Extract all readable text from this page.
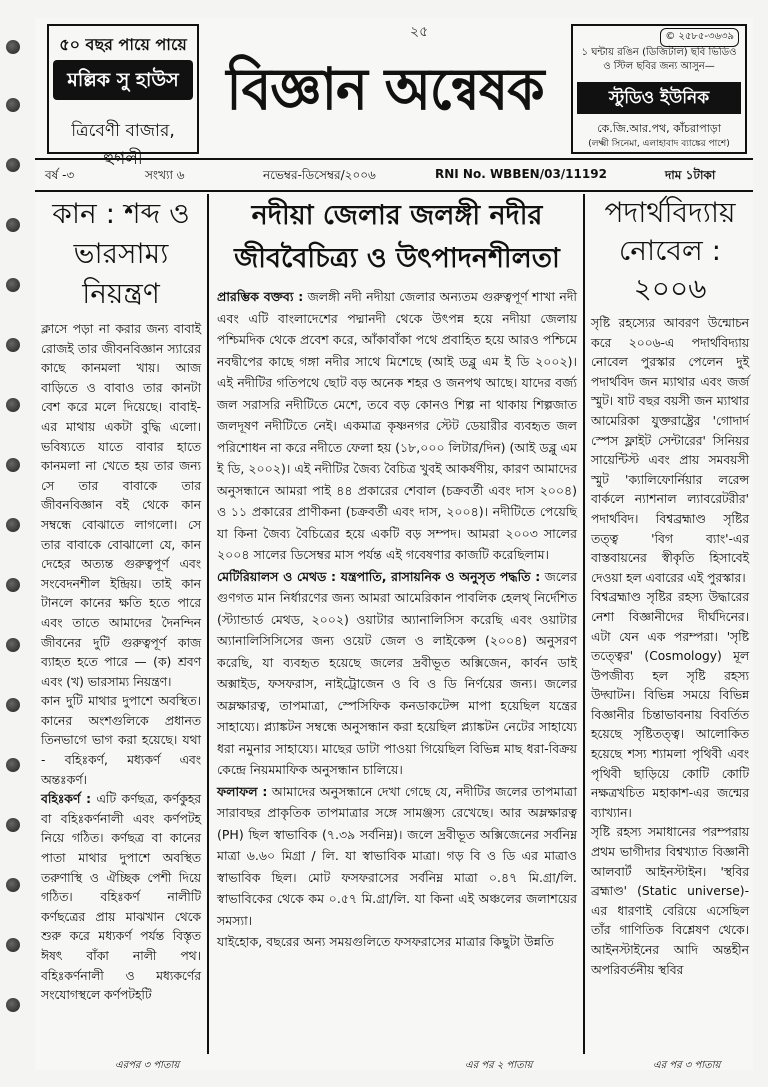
২৫
৫০ বছর পায়ে পায়ে
মল্লিক সু হাউস
ত্রিবেণী বাজার, হুগলী
বিজ্ঞান অন্বেষক
© ২৫৮৫-৩৬৩৯
১ ঘন্টায় রঙিন (ডিজিটাল) ছবি ভিডিও ও স্টিল ছবির জন্য আসুন—
স্টুডিও ইউনিক
কে.জি.আর.পথ, কাঁচরাপাড়া
(লক্ষ্মী সিনেমা, এলাহাবাদ ব্যাঙ্কের পাশে)
বর্ষ -৩	সংখ্যা ৬	নভেম্বর-ডিসেম্বর/২০০৬	RNI No. WBBEN/03/11192	দাম ১টাকা
কান : শব্দ ও ভারসাম্য নিয়ন্ত্রণ

ক্লাসে পড়া না করার জন্য বাবাই রোজই তার জীবনবিজ্ঞান স্যারের কাছে কানমলা খায়। আজ বাড়িতে ও বাবাও তার কানটা বেশ করে মলে দিয়েছে। বাবাই-এর মাথায় একটা বুদ্ধি এলো। ভবিষ্যতে যাতে বাবার হাতে কানমলা না খেতে হয় তার জন্য সে তার বাবাকে তার জীবনবিজ্ঞান বই থেকে কান সম্বন্ধে বোঝাতে লাগলো। সে তার বাবাকে বোঝালো যে, কান দেহের অত্যন্ত গুরুত্বপূর্ণ এবং সংবেদনশীল ইন্দ্রিয়। তাই কান টানলে কানের ক্ষতি হতে পারে এবং তাতে আমাদের দৈনন্দিন জীবনের দুটি গুরুত্বপূর্ণ কাজ ব্যাহত হতে পারে — (ক) শ্রবণ এবং (খ) ভারসাম্য নিয়ন্ত্রণ।

কান দুটি মাথার দুপাশে অবস্থিত। কানের অংশগুলিকে প্রধানত তিনভাগে ভাগ করা হয়েছে। যথা - বহিঃকর্ণ, মধ্যকর্ণ এবং অন্তঃকর্ণ।

বহিঃকর্ণ : এটি কর্ণছত্র, কর্ণকুহর বা বহিঃকর্ণনালী এবং কর্ণপটহ নিয়ে গঠিত। কর্ণছত্র বা কানের পাতা মাথার দুপাশে অবস্থিত তরুণাস্থি ও ঐচ্ছিক পেশী দিয়ে গঠিত। বহিঃকর্ণ নালীটি কর্ণছত্রের প্রায় মাঝখান থেকে শুরু করে মধ্যকর্ণ পর্যন্ত বিস্তৃত ঈষৎ বাঁকা নালী পথ। বহিঃকর্ণনালী ও মধ্যকর্ণের সংযোগস্থলে কর্ণপটহটি

এরপর ৩ পাতায়
নদীয়া জেলার জলঙ্গী নদীর জীববৈচিত্র্য ও উৎপাদনশীলতা

প্রারম্ভিক বক্তব্য : জলঙ্গী নদী নদীয়া জেলার অন্যতম গুরুত্বপূর্ণ শাখা নদী এবং এটি বাংলাদেশের পদ্মানদী থেকে উৎপন্ন হয়ে নদীয়া জেলায় পশ্চিমদিক থেকে প্রবেশ করে, আঁকাবাঁকা পথে প্রবাহিত হয়ে আরও পশ্চিমে নবদ্বীপের কাছে গঙ্গা নদীর সাথে মিশেছে (আই ডব্লু এম ই ডি ২০০২)। এই নদীটির গতিপথে ছোট বড় অনেক শহর ও জনপথ আছে। যাদের বর্জ্য জল সরাসরি নদীটিতে মেশে, তবে বড় কোনও শিল্প না থাকায় শিল্পজাত জলদূষণ নদীটিতে নেই। একমাত্র কৃষ্ণনগর স্টেট ডেয়ারীর ব্যবহৃত জল পরিশোধন না করে নদীতে ফেলা হয় (১৮,০০০ লিটার/দিন) (আই ডব্লু এম ই ডি, ২০০২)। এই নদীটির জৈব্য বৈচিত্র খুবই আকর্ষণীয়, কারণ আমাদের অনুসন্ধানে আমরা পাই ৪৪ প্রকারের শেবাল (চক্রবর্তী এবং দাস ২০০৪) ও ১১ প্রকারের প্রাণীকনা (চক্রবর্তী এবং দাস, ২০০৪)। নদীটিতে পেয়েছি যা কিনা জৈব্য বৈচিত্রের হয়ে একটি বড় সম্পদ। আমরা ২০০৩ সালের ২০০৪ সালের ডিসেম্বর মাস পর্যন্ত এই গবেষণার কাজটি করেছিলাম।

মেটিরিয়ালস ও মেথড : যন্ত্রপাতি, রাসায়নিক ও অনুসৃত পদ্ধতি : জলের গুণগত মান নির্ধারণের জন্য আমরা আমেরিকান পাবলিক হেলথ্ নির্দেশিত (স্ট্যান্ডার্ড মেথড, ২০০২) ওয়াটার অ্যানালিসিস করেছি এবং ওয়াটার অ্যানালিসিসিসের জন্য ওয়েট জেল ও লাইকেন্স (২০০৪) অনুসরণ করেছি, যা ব্যবহৃত হয়েছে জলের দ্রবীভূত অক্সিজেন, কার্বন ডাই অক্সাইড, ফসফরাস, নাইট্রোজেন ও বি ও ডি নির্ণয়ের জন্য। জলের অম্লক্ষারত্ব, তাপমাত্রা, স্পেসিফিক কনডাকটেন্স মাপা হয়েছিল যন্ত্রের সাহায্যে। প্ল্যাঙ্কটন সম্বন্ধে অনুসন্ধান করা হয়েছিল প্ল্যাঙ্কটন নেটের সাহায্যে ধরা নমুনার সাহায্যে। মাছের ডাটা পাওয়া গিয়েছিল বিভিন্ন মাছ ধরা-বিক্রয় কেন্দ্রে নিয়মমাফিক অনুসন্ধান চালিয়ে।

ফলাফল : আমাদের অনুসন্ধানে দেখা গেছে যে, নদীটির জলের তাপমাত্রা সারাবছর প্রাকৃতিক তাপমাত্রার সঙ্গে সামঞ্জস্য রেখেছে। আর অম্লক্ষারত্ব (PH) ছিল স্বাভাবিক (৭.৩৯ সর্বনিম্ন)। জলে দ্রবীভূত অক্সিজেনের সর্বনিম্ন মাত্রা ৬.৬০ মিগ্রা / লি. যা স্বাভাবিক মাত্রা। গড় বি ও ডি এর মাত্রাও স্বাভাবিক ছিল। মোট ফসফরাসের সর্বনিম্ন মাত্রা ০.৪৭ মি.গ্রা/লি. স্বাভাবিকের থেকে কম ০.৫৭ মি.গ্রা/লি. যা কিনা এই অঞ্চলের জলাশয়ের সমস্যা।

যাইহোক, বছরের অন্য সময়গুলিতে ফসফরাসের মাত্রার কিছুটা উন্নতি

এর পর ২ পাতায়
পদার্থবিদ্যায় নোবেল : ২০০৬

সৃষ্টি রহস্যের আবরণ উন্মোচন করে ২০০৬-এ পদার্থবিদ্যায় নোবেল পুরস্কার পেলেন দুই পদার্থবিদ জন ম্যাথার এবং জর্জ স্মুট। ষাট বছর বয়সী জন ম্যাথার আমেরিকা যুক্তরাষ্ট্রের 'গোদার্দ স্পেস ফ্লাইট সেন্টারের' সিনিয়র সায়েন্টিস্ট এবং প্রায় সমবয়সী স্মুট 'ক্যালিফোর্নিয়ার লরেন্স বার্কলে ন্যাশনাল ল্যাবরেটরীর' পদার্থবিদ। বিশ্বব্রহ্মাণ্ড সৃষ্টির তত্ত্ব 'বিগ ব্যাং'-এর বাস্তবায়নের স্বীকৃতি হিসাবেই দেওয়া হল এবারের এই পুরস্কার।

বিশ্বব্রহ্মাণ্ড সৃষ্টির রহস্য উদ্ধারের নেশা বিজ্ঞানীদের দীর্ঘদিনের। এটা যেন এক পরম্পরা। 'সৃষ্টি তত্ত্বের' (Cosmology) মূল উপজীব্য হল সৃষ্টি রহস্য উদ্ঘাটন। বিভিন্ন সময়ে বিভিন্ন বিজ্ঞানীর চিন্তাভাবনায় বিবর্তিত হয়েছে সৃষ্টিতত্ত্ব। আলোকিত হয়েছে শস্য শ্যামলা পৃথিবী এবং পৃথিবী ছাড়িয়ে কোটি কোটি নক্ষত্রখচিত মহাকাশ-এর জন্মের ব্যাখ্যান।

সৃষ্টি রহস্য সমাধানের পরম্পরায় প্রথম ভাগীদার বিশ্বখ্যাত বিজ্ঞানী আলবার্ট আইনস্টাইন। 'স্থবির ব্রহ্মাণ্ড' (Static universe)-এর ধারণাই বেরিয়ে এসেছিল তাঁর গাণিতিক বিশ্লেষণ থেকে। আইনস্টাইনের আদি অন্তহীন অপরিবর্তনীয় স্থবির

এর পর ৩ পাতায়
